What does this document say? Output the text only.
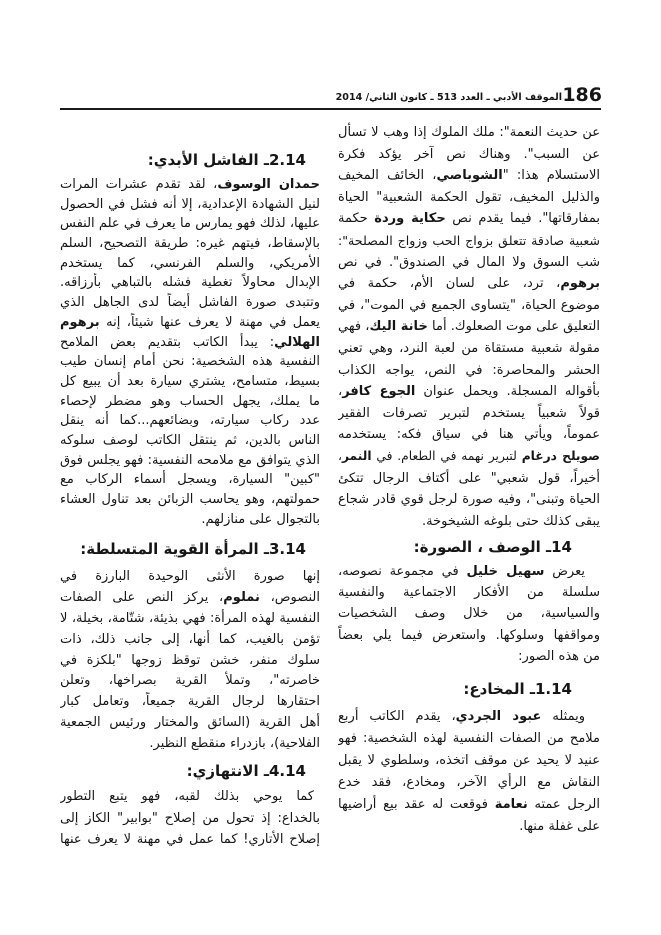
186
الموقف الأدبي ـ العدد 513 ـ كانون الثاني/ 2014
عن حديث النعمة": ملك الملوك إذا وهب لا تسأل
عن السبب". وهناك نص آخر يؤكد فكرة
الاستسلام هذا: "الشوباصي، الخائف المخيف
والذليل المخيف، تقول الحكمة الشعبية" الحياة
بمفارقاتها". فيما يقدم نص حكاية وردة حكمة
شعبية صادقة تتعلق بزواج الحب وزواج المصلحة":
شب السوق ولا المال في الصندوق". في نص
برهوم، ترد، على لسان الأم، حكمة في
موضوع الحياة، "يتساوى الجميع في الموت"، في
التعليق على موت الصعلوك. أما خانة اليك، فهي
مقولة شعبية مستقاة من لعبة النرد، وهي تعني
الحشر والمحاصرة: في النص، يواجه الكذاب
بأقواله المسجلة. ويحمل عنوان الجوع كافر،
قولاً شعبياً يستخدم لتبرير تصرفات الفقير
عموماً، ويأتي هنا في سياق فكه: يستخدمه
صويلح درغام لتبرير نهمه في الطعام. في النمر،
أخيراً، قول شعبي" على أكتاف الرجال تتكئ
الحياة وتبنى"، وفيه صورة لرجل قوي قادر شجاع
يبقى كذلك حتى بلوغه الشيخوخة.
14ـ الوصف ، الصورة:
يعرض سهيل خليل في مجموعة نصوصه،
سلسلة من الأفكار الاجتماعية والنفسية
والسياسية، من خلال وصف الشخصيات
ومواقفها وسلوكها. واستعرض فيما يلي بعضاً
من هذه الصور:
1.14ـ المخادع:
ويمثله عبود الجردي، يقدم الكاتب أربع
ملامح من الصفات النفسية لهذه الشخصية: فهو
عنيد لا يحيد عن موقف اتخذه، وسلطوي لا يقبل
النقاش مع الرأي الآخر، ومخادع، فقد خدع
الرجل عمته نعامة فوقعت له عقد بيع أراضيها
على غفلة منها.
2.14ـ الفاشل الأبدي:
حمدان الوسوف، لقد تقدم عشرات المرات
لنيل الشهادة الإعدادية، إلا أنه فشل في الحصول
عليها، لذلك فهو يمارس ما يعرف في علم النفس
بالإسقاط، فيتهم غيره: طريقة التصحيح، السلم
الأمريكي، والسلم الفرنسي، كما يستخدم
الإبدال محاولاً تغطية فشله بالتباهي بأرزاقه.
وتتبدى صورة الفاشل أيضاً لدى الجاهل الذي
يعمل في مهنة لا يعرف عنها شيئاً، إنه برهوم
الهلالي: يبدأ الكاتب بتقديم بعض الملامح
النفسية هذه الشخصية: نحن أمام إنسان طيب
بسيط، متسامح، يشتري سيارة بعد أن يبيع كل
ما يملك، يجهل الحساب وهو مضطر لإحصاء
عدد ركاب سيارته، وبضائعهم...كما أنه ينقل
الناس بالدين، ثم ينتقل الكاتب لوصف سلوكه
الذي يتوافق مع ملامحه النفسية: فهو يجلس فوق
"كبين" السيارة، ويسجل أسماء الركاب مع
حمولتهم، وهو يحاسب الزبائن بعد تناول العشاء
بالتجوال على منازلهم.
3.14ـ المرأة القوية المتسلطة:
إنها صورة الأنثى الوحيدة البارزة في
النصوص، نملوم، يركز النص على الصفات
النفسية لهذه المرأة: فهي بذيئة، شتّامة، بخيلة، لا
تؤمن بالغيب، كما أنها، إلى جانب ذلك، ذات
سلوك منفر، خشن توقظ زوجها "بلكزة في
خاصرته"، وتملأ القرية بصراخها، وتعلن
احتقارها لرجال القرية جميعاً، وتعامل كبار
أهل القرية (السائق والمختار ورئيس الجمعية
الفلاحية)، بازدراء منقطع النظير.
4.14ـ الانتهازي:
كما يوحي بذلك لقبه، فهو يتبع التطور
بالخداع: إذ تحول من إصلاح "بوابير" الكاز إلى
إصلاح الأتاري! كما عمل في مهنة لا يعرف عنها
